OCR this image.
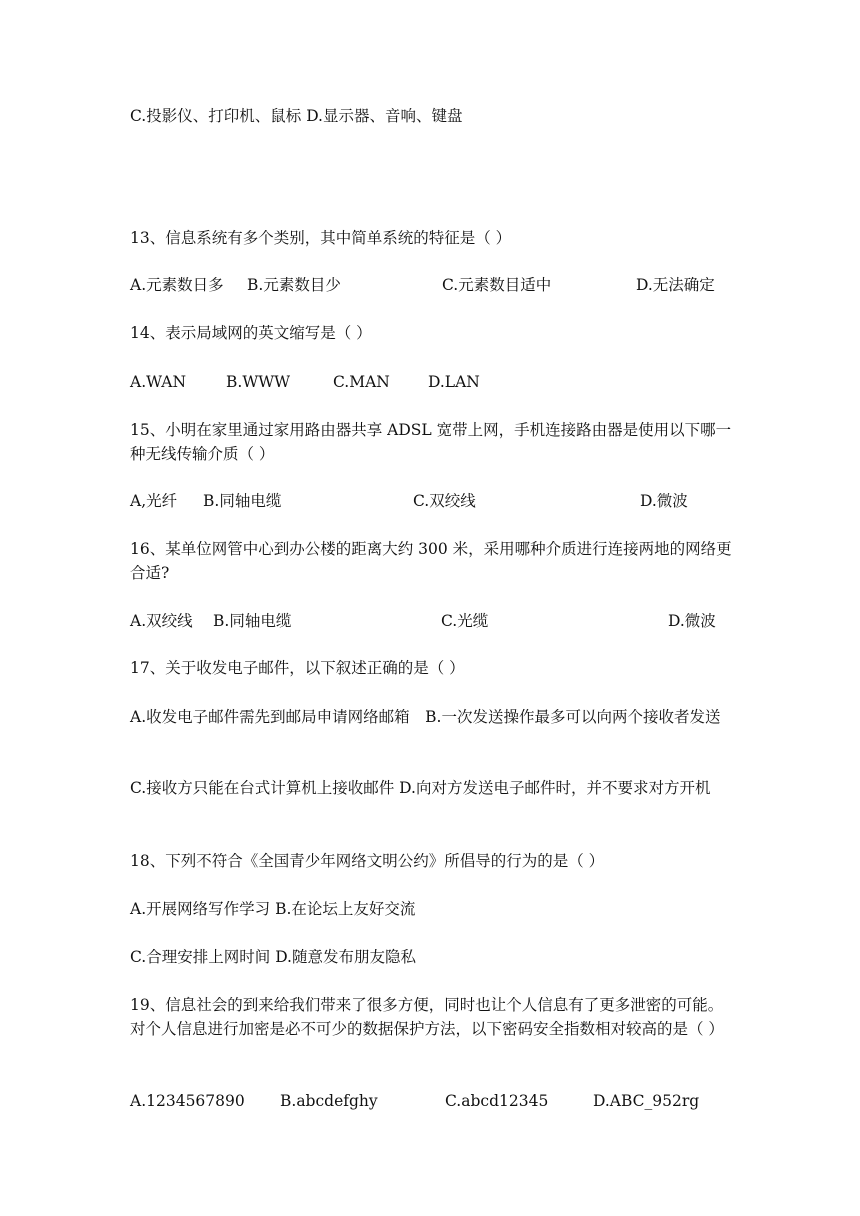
C.投影仪、打印机、鼠标 D.显示器、音响、键盘
13、信息系统有多个类别，其中简单系统的特征是（ ）
A.元素数日多 B.元素数目少	C.元素数目适中	D.无法确定
14、表示局域网的英文缩写是（ ）
A.WAN	B.WWW	C.MAN D.LAN
15、小明在家里通过家用路由器共享 ADSL 宽带上网，手机连接路由器是使用以下哪一种无线传输介质（ ）
A,光纤 B.同轴电缆	C.双绞线	D.微波
16、某单位网管中心到办公楼的距离大约 300 米，采用哪种介质进行连接两地的网络更合适?
A.双绞线 B.同轴电缆	C.光缆	D.微波
17、关于收发电子邮件，以下叙述正确的是（ ）
A.收发电子邮件需先到邮局申请网络邮箱　B.一次发送操作最多可以向两个接收者发送
C.接收方只能在台式计算机上接收邮件 D.向对方发送电子邮件时，并不要求对方开机
18、下列不符合《全国青少年网络文明公约》所倡导的行为的是（ ）
A.开展网络写作学习 B.在论坛上友好交流
C.合理安排上网时间 D.随意发布朋友隐私
19、信息社会的到来给我们带来了很多方便，同时也让个人信息有了更多泄密的可能。对个人信息进行加密是必不可少的数据保护方法，以下密码安全指数相对较高的是（ ）
A.1234567890 B.abcdefghy	C.abcd12345	D.ABC_952rg
